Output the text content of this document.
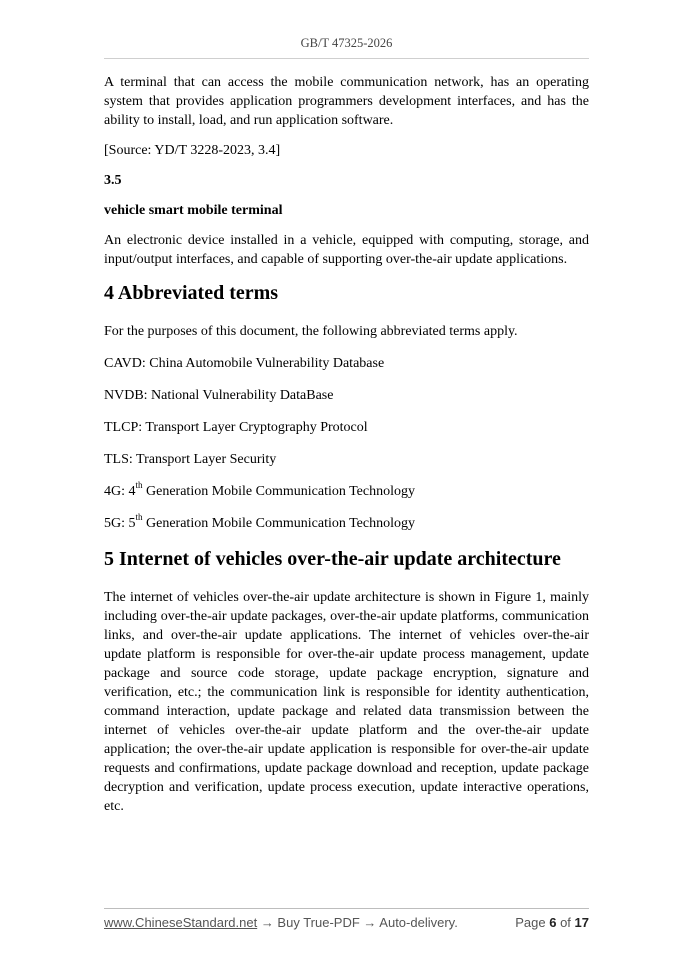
GB/T 47325-2026

A terminal that can access the mobile communication network, has an operating system that provides application programmers development interfaces, and has the ability to install, load, and run application software.

[Source: YD/T 3228-2023, 3.4]

3.5

vehicle smart mobile terminal

An electronic device installed in a vehicle, equipped with computing, storage, and input/output interfaces, and capable of supporting over-the-air update applications.

4 Abbreviated terms

For the purposes of this document, the following abbreviated terms apply.

CAVD: China Automobile Vulnerability Database

NVDB: National Vulnerability DataBase

TLCP: Transport Layer Cryptography Protocol

TLS: Transport Layer Security

4G: 4th Generation Mobile Communication Technology

5G: 5th Generation Mobile Communication Technology

5 Internet of vehicles over-the-air update architecture

The internet of vehicles over-the-air update architecture is shown in Figure 1, mainly including over-the-air update packages, over-the-air update platforms, communication links, and over-the-air update applications. The internet of vehicles over-the-air update platform is responsible for over-the-air update process management, update package and source code storage, update package encryption, signature and verification, etc.; the communication link is responsible for identity authentication, command interaction, update package and related data transmission between the internet of vehicles over-the-air update platform and the over-the-air update application; the over-the-air update application is responsible for over-the-air update requests and confirmations, update package download and reception, update package decryption and verification, update process execution, update interactive operations, etc.

www.ChineseStandard.net → Buy True-PDF → Auto-delivery.	Page 6 of 17
